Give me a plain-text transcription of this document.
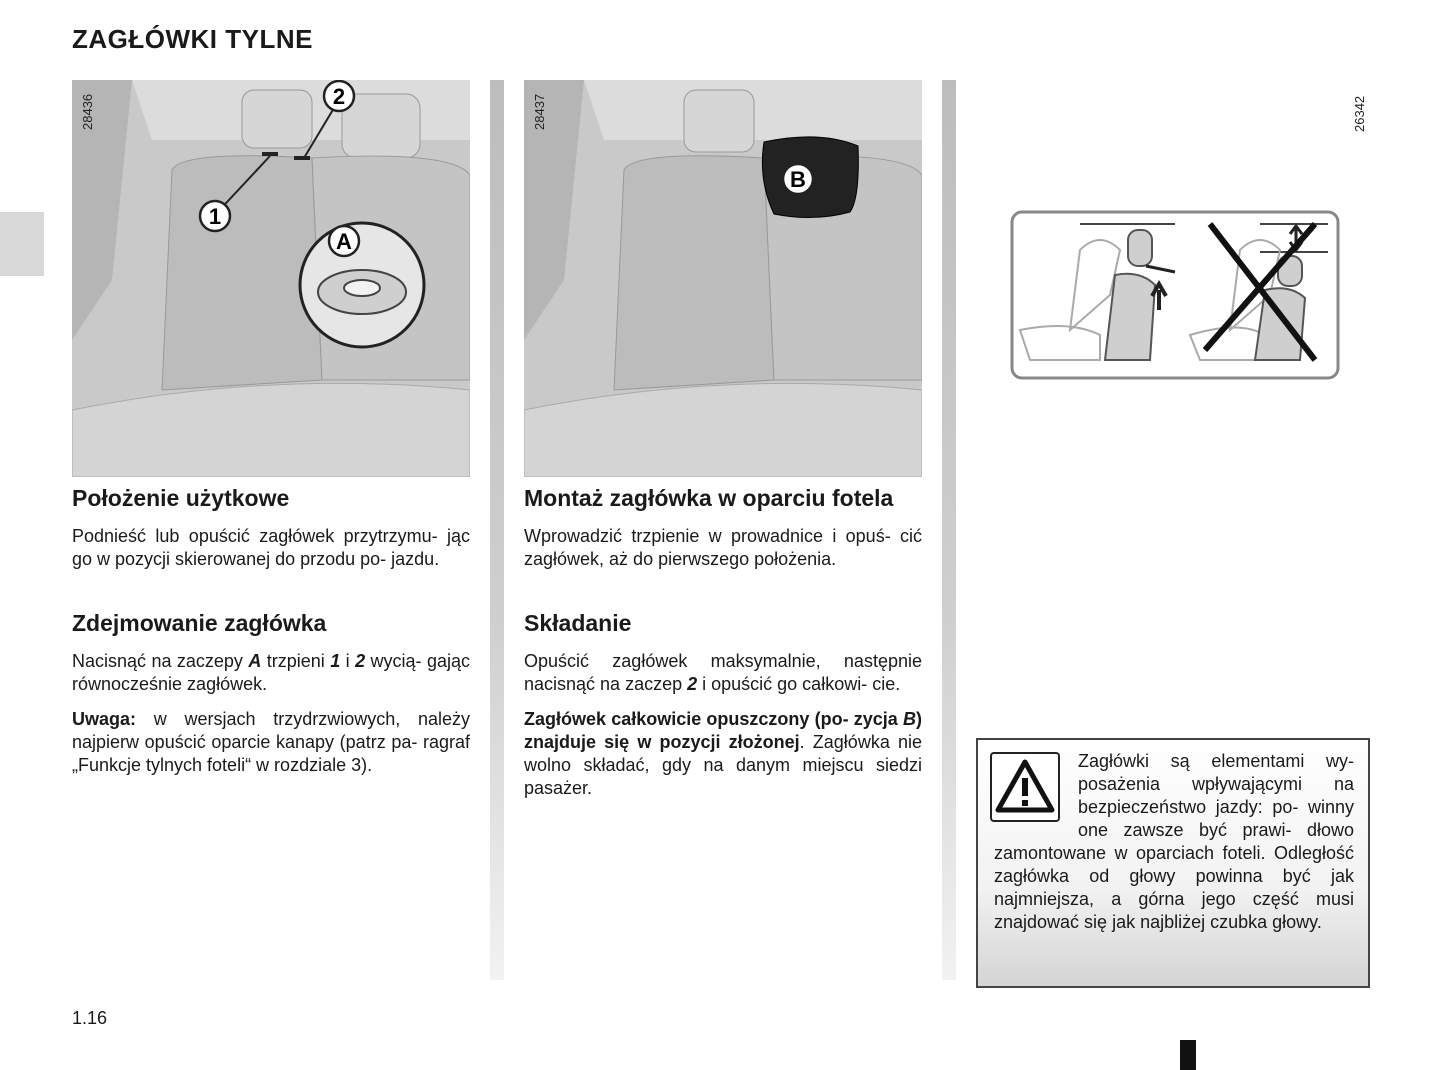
ZAGŁÓWKI TYLNE
1
2
A
28436
B
28437	26342
Położenie użytkowe

Podnieść lub opuścić zagłówek przytrzymu- jąc go w pozycji skierowanej do przodu po- jazdu.

Zdejmowanie zagłówka

Nacisnąć na zaczepy A trzpieni 1 i 2 wycią- gając równocześnie zagłówek.

Uwaga: w wersjach trzydrzwiowych, należy najpierw opuścić oparcie kanapy (patrz pa- ragraf „Funkcje tylnych foteli“ w rozdziale 3).

Montaż zagłówka w oparciu fotela

Wprowadzić trzpienie w prowadnice i opuś- cić zagłówek, aż do pierwszego położenia.

Składanie

Opuścić zagłówek maksymalnie, następnie nacisnąć na zaczep 2 i opuścić go całkowi- cie.

Zagłówek całkowicie opuszczony (po- zycja B) znajduje się w pozycji złożonej. Zagłówka nie wolno składać, gdy na danym miejscu siedzi pasażer.

Zagłówki są elementami wy- posażenia wpływającymi na bezpieczeństwo jazdy: po- winny one zawsze być prawi- dłowo zamontowane w oparciach foteli. Odległość zagłówka od głowy powinna być jak najmniejsza, a górna jego część musi znajdować się jak najbliżej czubka głowy.
1.16
